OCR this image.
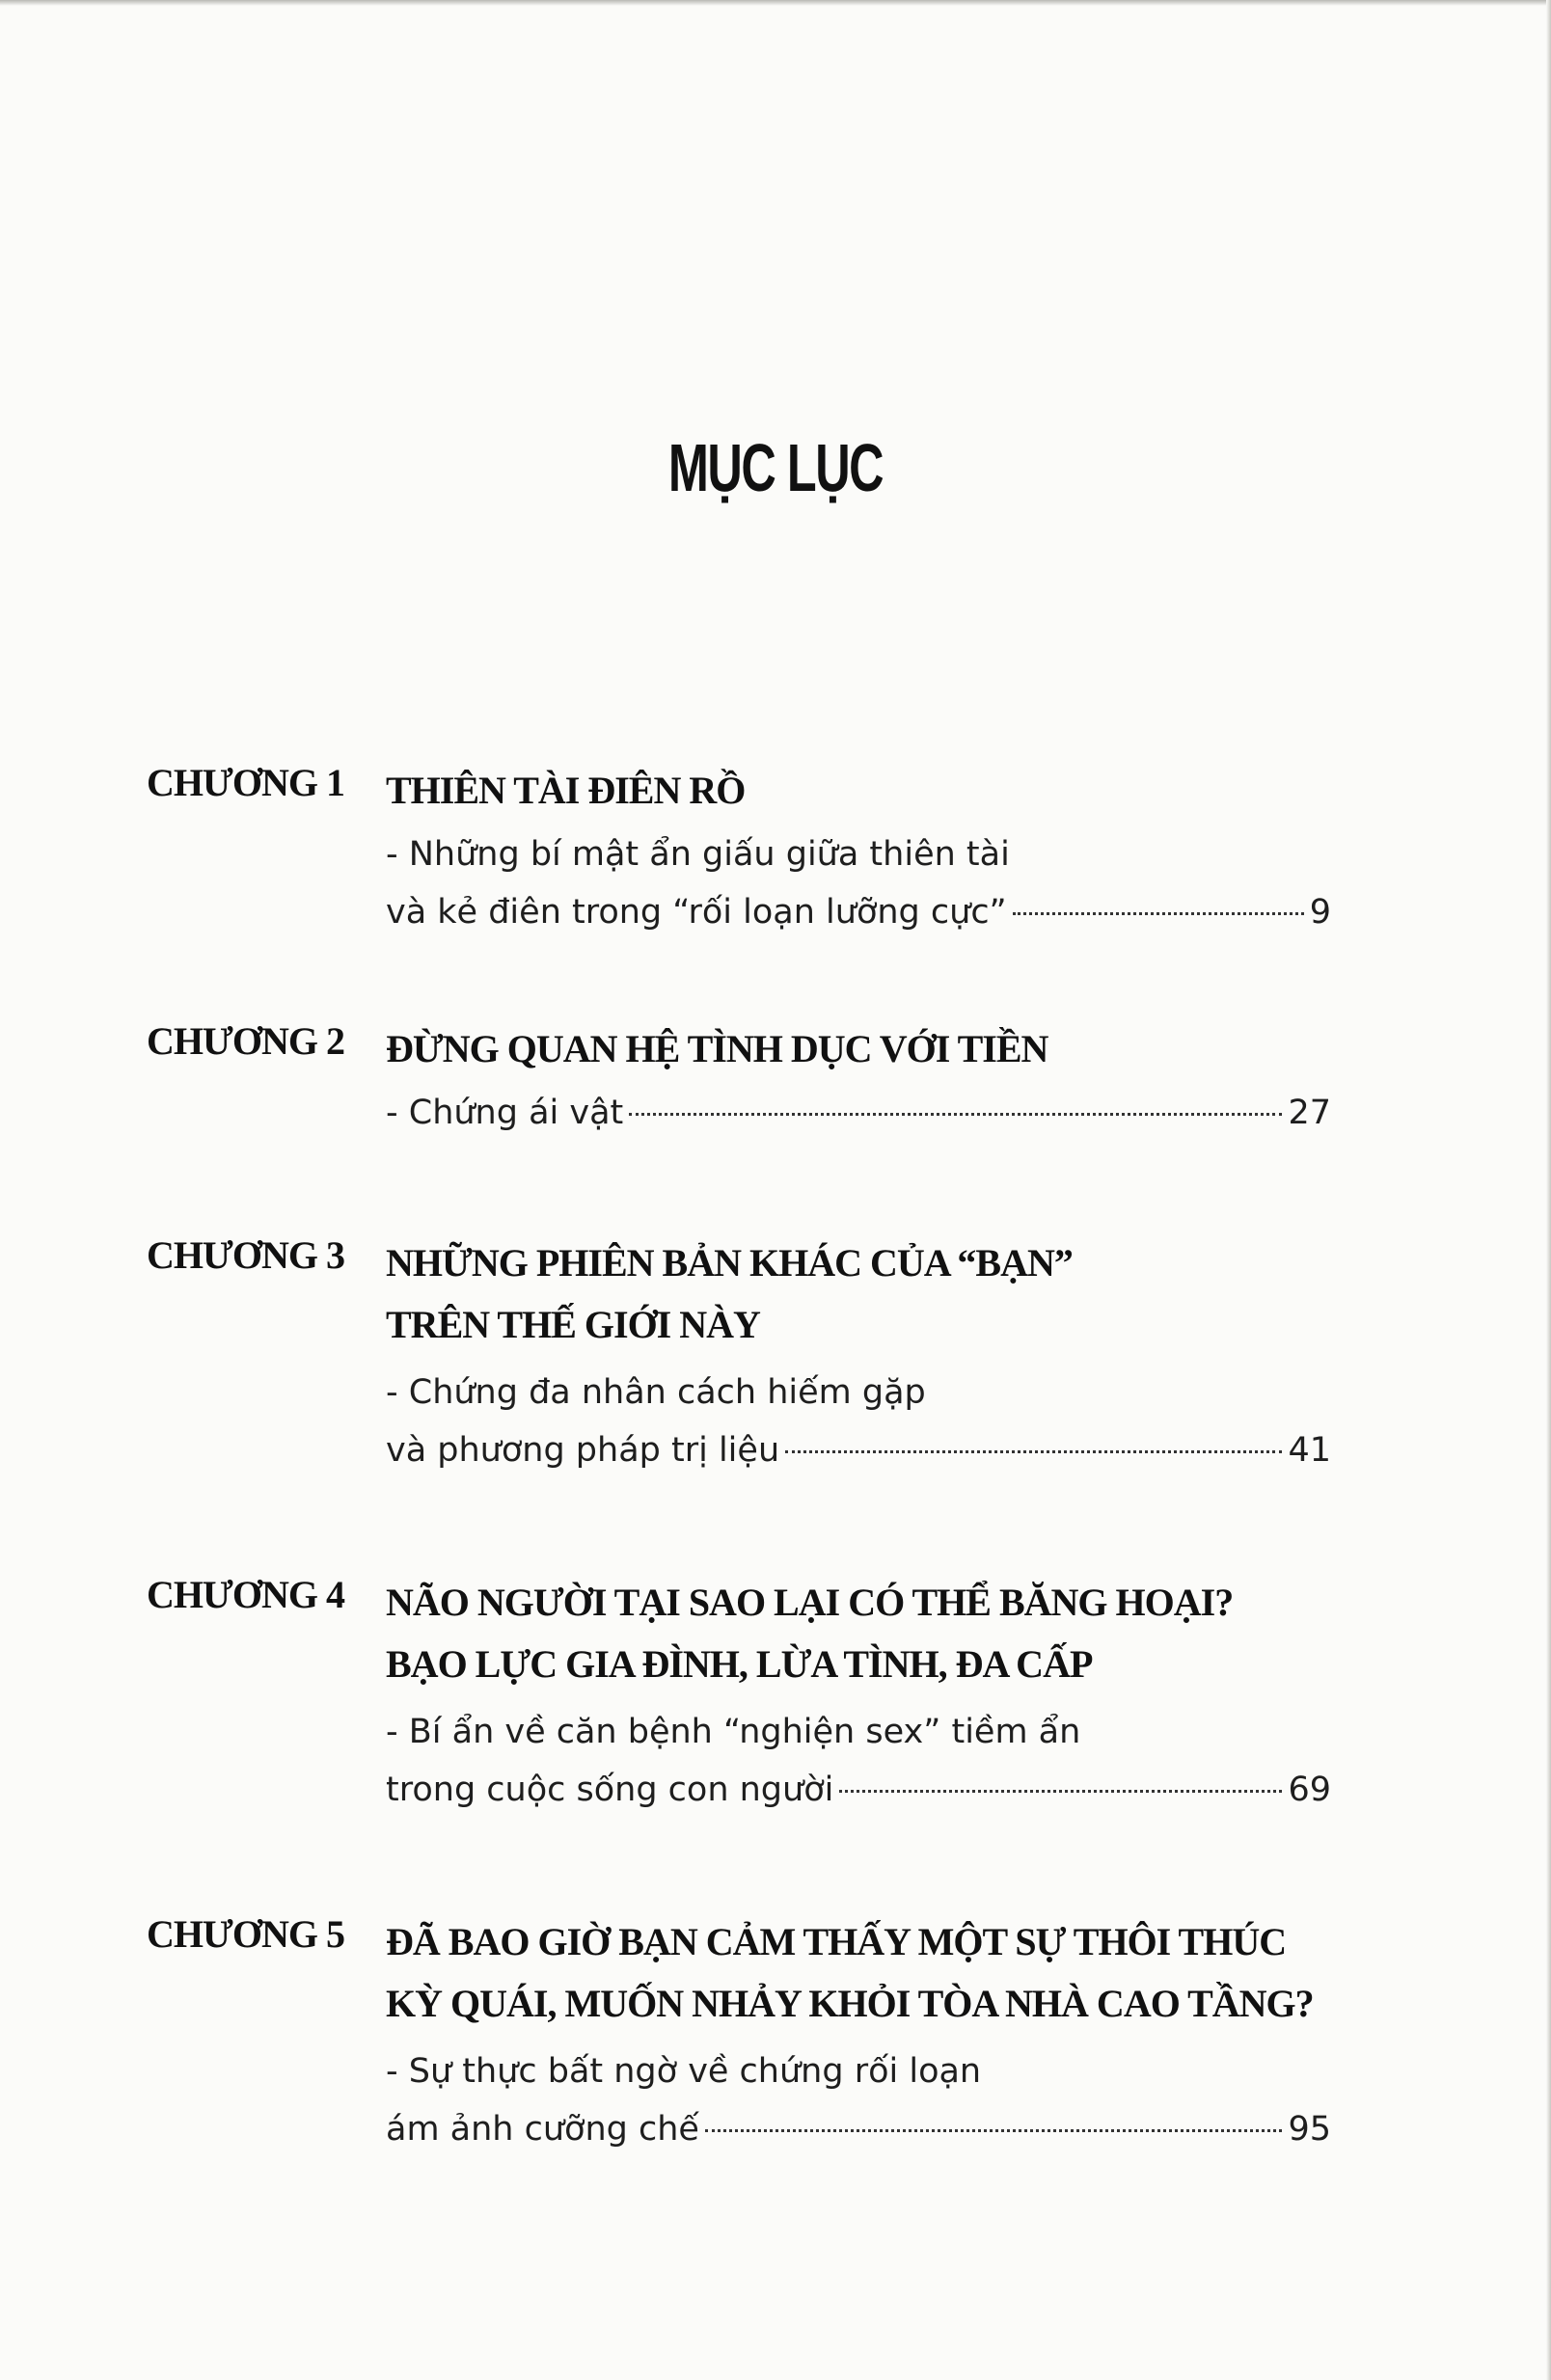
MỤC LỤC
CHƯƠNG 1 THIÊN TÀI ĐIÊN RỒ
- Những bí mật ẩn giấu giữa thiên tài
và kẻ điên trong “rối loạn lưỡng cực”	9
CHƯƠNG 2 ĐỪNG QUAN HỆ TÌNH DỤC VỚI TIỀN
- Chứng ái vật	27
CHƯƠNG 3 NHỮNG PHIÊN BẢN KHÁC CỦA “BẠN”
TRÊN THẾ GIỚI NÀY
- Chứng đa nhân cách hiếm gặp
và phương pháp trị liệu	41
CHƯƠNG 4 NÃO NGƯỜI TẠI SAO LẠI CÓ THỂ BĂNG HOẠI?
BẠO LỰC GIA ĐÌNH, LỪA TÌNH, ĐA CẤP
- Bí ẩn về căn bệnh “nghiện sex” tiềm ẩn
trong cuộc sống con người	69
CHƯƠNG 5 ĐÃ BAO GIỜ BẠN CẢM THẤY MỘT SỰ THÔI THÚC
KỲ QUÁI, MUỐN NHẢY KHỎI TÒA NHÀ CAO TẦNG?
- Sự thực bất ngờ về chứng rối loạn
ám ảnh cưỡng chế	95
